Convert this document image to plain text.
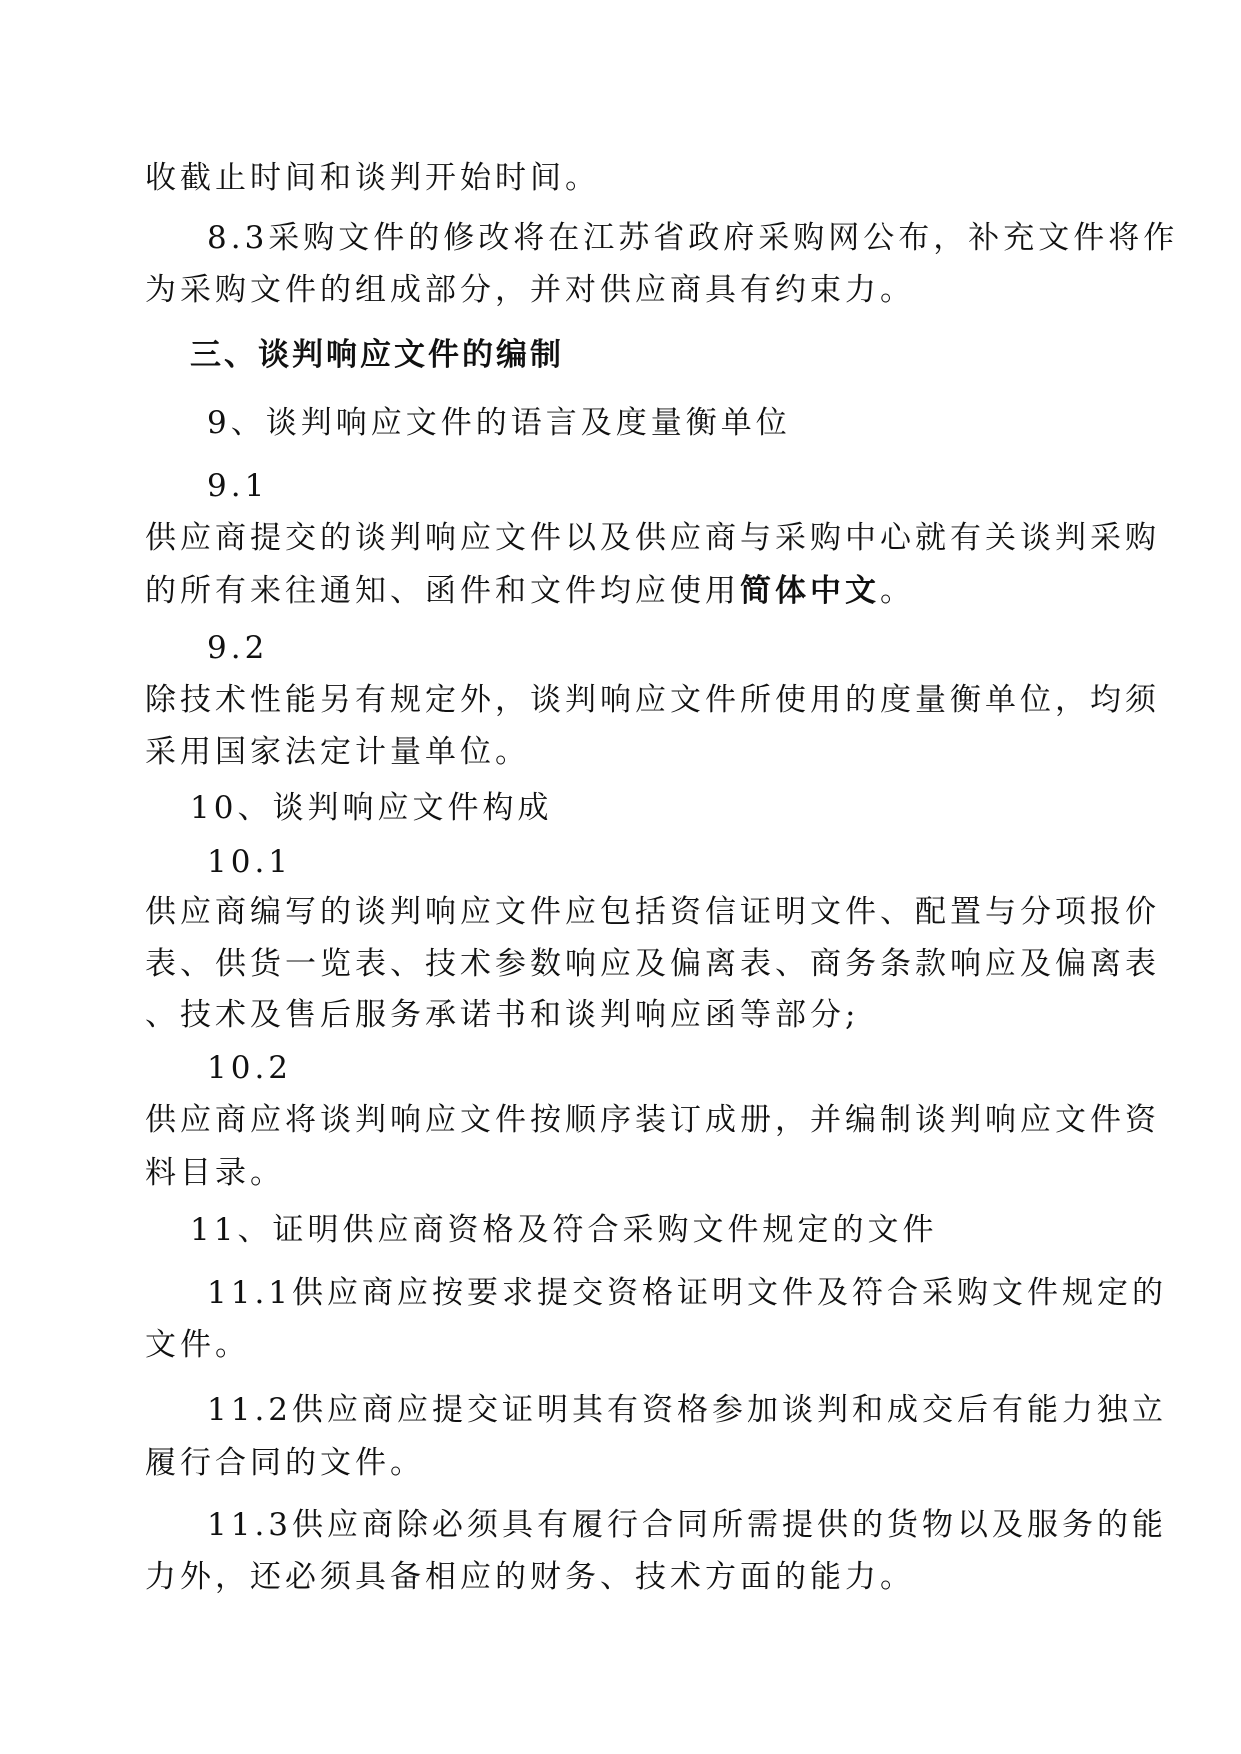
收截止时间和谈判开始时间。
8.3采购文件的修改将在江苏省政府采购网公布，补充文件将作
为采购文件的组成部分，并对供应商具有约束力。
三、谈判响应文件的编制
9、谈判响应文件的语言及度量衡单位
9.1
供应商提交的谈判响应文件以及供应商与采购中心就有关谈判采购
的所有来往通知、函件和文件均应使用简体中文。
9.2
除技术性能另有规定外，谈判响应文件所使用的度量衡单位，均须
采用国家法定计量单位。
10、谈判响应文件构成
10.1
供应商编写的谈判响应文件应包括资信证明文件、配置与分项报价
表、供货一览表、技术参数响应及偏离表、商务条款响应及偏离表
、技术及售后服务承诺书和谈判响应函等部分;
10.2
供应商应将谈判响应文件按顺序装订成册，并编制谈判响应文件资
料目录。
11、证明供应商资格及符合采购文件规定的文件
11.1供应商应按要求提交资格证明文件及符合采购文件规定的
文件。
11.2供应商应提交证明其有资格参加谈判和成交后有能力独立
履行合同的文件。
11.3供应商除必须具有履行合同所需提供的货物以及服务的能
力外，还必须具备相应的财务、技术方面的能力。
